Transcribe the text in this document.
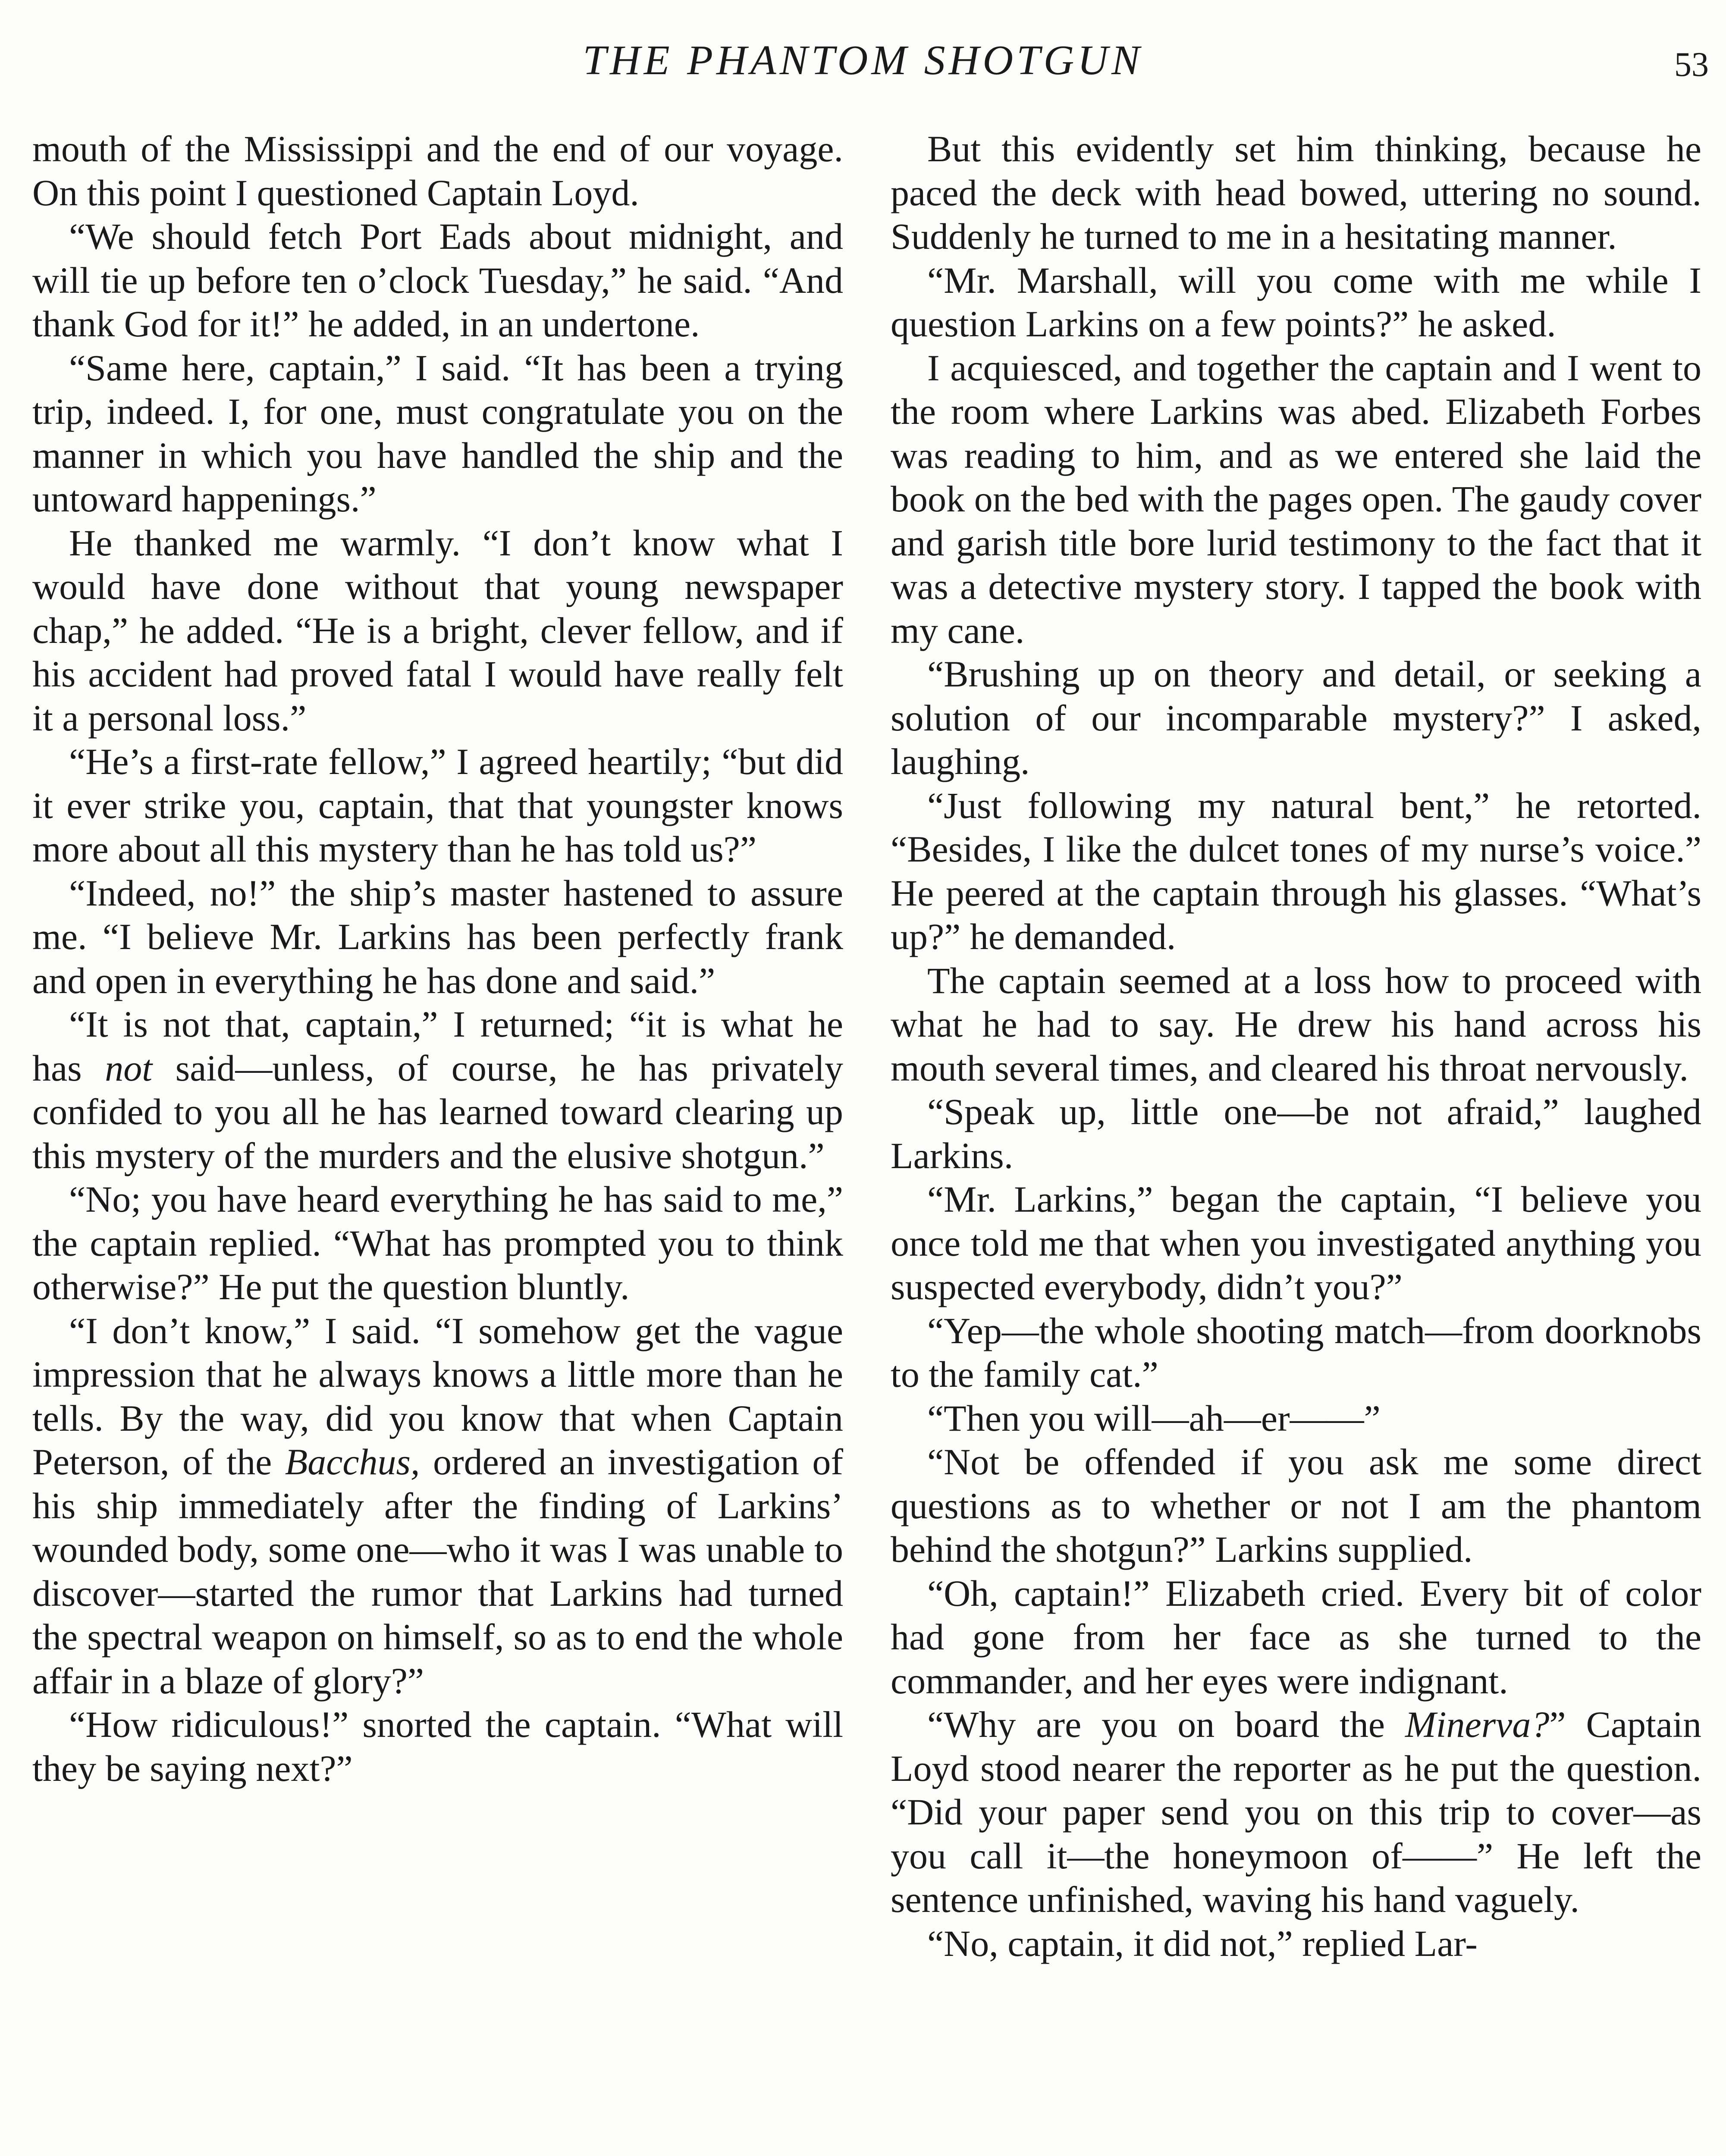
THE PHANTOM SHOTGUN	53

mouth of the Mississippi and the end of our voyage. On this point I questioned Captain Loyd.

“We should fetch Port Eads about midnight, and will tie up before ten o’clock Tuesday,” he said. “And thank God for it!” he added, in an undertone.

“Same here, captain,” I said. “It has been a trying trip, indeed. I, for one, must congratulate you on the manner in which you have handled the ship and the untoward happenings.”

He thanked me warmly. “I don’t know what I would have done without that young newspaper chap,” he added. “He is a bright, clever fellow, and if his accident had proved fatal I would have really felt it a personal loss.”

“He’s a first-rate fellow,” I agreed heartily; “but did it ever strike you, captain, that that youngster knows more about all this mystery than he has told us?”

“Indeed, no!” the ship’s master hastened to assure me. “I believe Mr. Larkins has been perfectly frank and open in everything he has done and said.”

“It is not that, captain,” I returned; “it is what he has not said—unless, of course, he has privately confided to you all he has learned toward clearing up this mystery of the murders and the elusive shotgun.”

“No; you have heard everything he has said to me,” the captain replied. “What has prompted you to think otherwise?” He put the question bluntly.

“I don’t know,” I said. “I somehow get the vague impression that he always knows a little more than he tells. By the way, did you know that when Captain Peterson, of the Bacchus, ordered an investigation of his ship immediately after the finding of Larkins’ wounded body, some one—who it was I was unable to discover—started the rumor that Larkins had turned the spectral weapon on himself, so as to end the whole affair in a blaze of glory?”

“How ridiculous!” snorted the captain. “What will they be saying next?”

But this evidently set him thinking, because he paced the deck with head bowed, uttering no sound. Suddenly he turned to me in a hesitating manner.

“Mr. Marshall, will you come with me while I question Larkins on a few points?” he asked.

I acquiesced, and together the captain and I went to the room where Larkins was abed. Elizabeth Forbes was reading to him, and as we entered she laid the book on the bed with the pages open. The gaudy cover and garish title bore lurid testimony to the fact that it was a detective mystery story. I tapped the book with my cane.

“Brushing up on theory and detail, or seeking a solution of our incomparable mystery?” I asked, laughing.

“Just following my natural bent,” he retorted. “Besides, I like the dulcet tones of my nurse’s voice.” He peered at the captain through his glasses. “What’s up?” he demanded.

The captain seemed at a loss how to proceed with what he had to say. He drew his hand across his mouth several times, and cleared his throat nervously.

“Speak up, little one—be not afraid,” laughed Larkins.

“Mr. Larkins,” began the captain, “I believe you once told me that when you investigated anything you suspected everybody, didn’t you?”

“Yep—the whole shooting match—from doorknobs to the family cat.”

“Then you will—ah—er——”

“Not be offended if you ask me some direct questions as to whether or not I am the phantom behind the shotgun?” Larkins supplied.

“Oh, captain!” Elizabeth cried. Every bit of color had gone from her face as she turned to the commander, and her eyes were indignant.

“Why are you on board the Minerva?” Captain Loyd stood nearer the reporter as he put the question. “Did your paper send you on this trip to cover—as you call it—the honeymoon of——” He left the sentence unfinished, waving his hand vaguely.

“No, captain, it did not,” replied Lar-
